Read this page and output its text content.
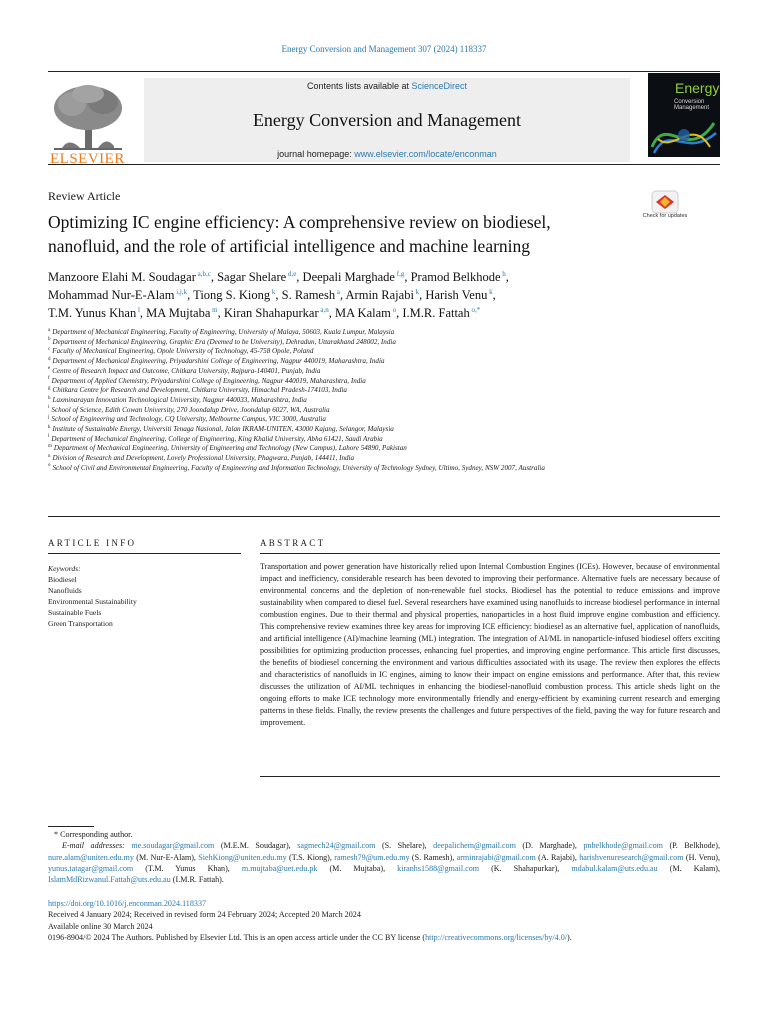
Energy Conversion and Management 307 (2024) 118337
ELSEVIER
Contents lists available at ScienceDirect
Energy Conversion and Management
journal homepage: www.elsevier.com/locate/enconman
Energy
Conversion
Management
Review Article
Optimizing IC engine efficiency: A comprehensive review on biodiesel, nanofluid, and the role of artificial intelligence and machine learning
Check for updates
Manzoore Elahi M. Soudagar $^{a,b,c}$, Sagar Shelare $^{d,e}$, Deepali Marghade $^{f,g}$, Pramod Belkhode $^h$,
Mohammad Nur-E-Alam $^{i,j,k}$, Tiong S. Kiong $^k$, S. Ramesh $^a$, Armin Rajabi $^k$, Harish Venu $^k$,
T.M. Yunus Khan $^l$, MA Mujtaba $^m$, Kiran Shahapurkar $^{a,n}$, MA Kalam $^o$, I.M.R. Fattah $^{o,*}$
$^a$ Department of Mechanical Engineering, Faculty of Engineering, University of Malaya, 50603, Kuala Lumpur, Malaysia
$^b$ Department of Mechanical Engineering, Graphic Era (Deemed to be University), Dehradun, Uttarakhand 248002, India
$^c$ Faculty of Mechanical Engineering, Opole University of Technology, 45-758 Opole, Poland
$^d$ Department of Mechanical Engineering, Priyadarshini College of Engineering, Nagpur 440019, Maharashtra, India
$^e$ Centre of Research Impact and Outcome, Chitkara University, Rajpura-140401, Punjab, India
$^f$ Department of Applied Chemistry, Priyadarshini College of Engineering, Nagpur 440019, Maharashtra, India
$^g$ Chitkara Centre for Research and Development, Chitkara University, Himachal Pradesh-174103, India
$^h$ Laxminarayan Innovation Technological University, Nagpur 440033, Maharashtra, India
$^i$ School of Science, Edith Cowan University, 270 Joondalup Drive, Joondalup 6027, WA, Australia
$^j$ School of Engineering and Technology, CQ University, Melbourne Campus, VIC 3000, Australia
$^k$ Institute of Sustainable Energy, Universiti Tenaga Nasional, Jalan IKRAM-UNITEN, 43000 Kajang, Selangor, Malaysia
$^l$ Department of Mechanical Engineering, College of Engineering, King Khalid University, Abha 61421, Saudi Arabia
$^m$ Department of Mechanical Engineering, University of Engineering and Technology (New Campus), Lahore 54890, Pakistan
$^n$ Division of Research and Development, Lovely Professional University, Phagwara, Punjab, 144411, India
$^o$ School of Civil and Environmental Engineering, Faculty of Engineering and Information Technology, University of Technology Sydney, Ultimo, Sydney, NSW 2007, Australia
ARTICLE INFO	ABSTRACT
Keywords:
Biodiesel
Nanofluids
Environmental Sustainability
Sustainable Fuels
Green Transportation
Transportation and power generation have historically relied upon Internal Combustion Engines (ICEs). However, because of environmental impact and inefficiency, considerable research has been devoted to improving their performance. Alternative fuels are necessary because of environmental concerns and the depletion of non-renewable fuel stocks. Biodiesel has the potential to reduce emissions and improve sustainability when compared to diesel fuel. Several researchers have examined using nanofluids to increase biodiesel performance in internal combustion engines. Due to their thermal and physical properties, nanoparticles in a host fluid improve engine combustion and efficiency. This comprehensive review examines three key areas for improving ICE efficiency: biodiesel as an alternative fuel, application of nanofluids, and artificial intelligence (AI)/machine learning (ML) integration. The integration of AI/ML in nanoparticle-infused biodiesel offers exciting possibilities for optimizing production processes, enhancing fuel properties, and improving engine performance. This article first discusses, the benefits of biodiesel concerning the environment and various difficulties associated with its usage. The review then explores the effects and characteristics of nanofluids in IC engines, aiming to know their impact on engine emissions and performance. After that, this review discusses the utilization of AI/ML techniques in enhancing the biodiesel-nanofluid combustion process. This article sheds light on the ongoing efforts to make ICE technology more environmentally friendly and energy-efficient by examining current research and emerging patterns in these fields. Finally, the review presents the challenges and future perspectives of the field, paving the way for future research and improvement.
* Corresponding author.
E-mail addresses: me.soudagar@gmail.com (M.E.M. Soudagar), sagmech24@gmail.com (S. Shelare), deepalichem@gmail.com (D. Marghade), pnbelkhode@gmail.com (P. Belkhode), nure.alam@uniten.edu.my (M. Nur-E-Alam), SiehKiong@uniten.edu.my (T.S. Kiong), ramesh79@um.edu.my (S. Ramesh), arminrajabi@gmail.com (A. Rajabi), harishvenuresearch@gmail.com (H. Venu), yunus.tatagar@gmail.com (T.M. Yunus Khan), m.mujtaba@uet.edu.pk (M. Mujtaba), kiranhs1588@gmail.com (K. Shahapurkar), mdabul.kalam@uts.edu.au (M. Kalam), IslamMdRizwanul.Fattah@uts.edu.au (I.M.R. Fattah).
https://doi.org/10.1016/j.enconman.2024.118337
Received 4 January 2024; Received in revised form 24 February 2024; Accepted 20 March 2024
Available online 30 March 2024
0196-8904/© 2024 The Authors. Published by Elsevier Ltd. This is an open access article under the CC BY license (http://creativecommons.org/licenses/by/4.0/).
